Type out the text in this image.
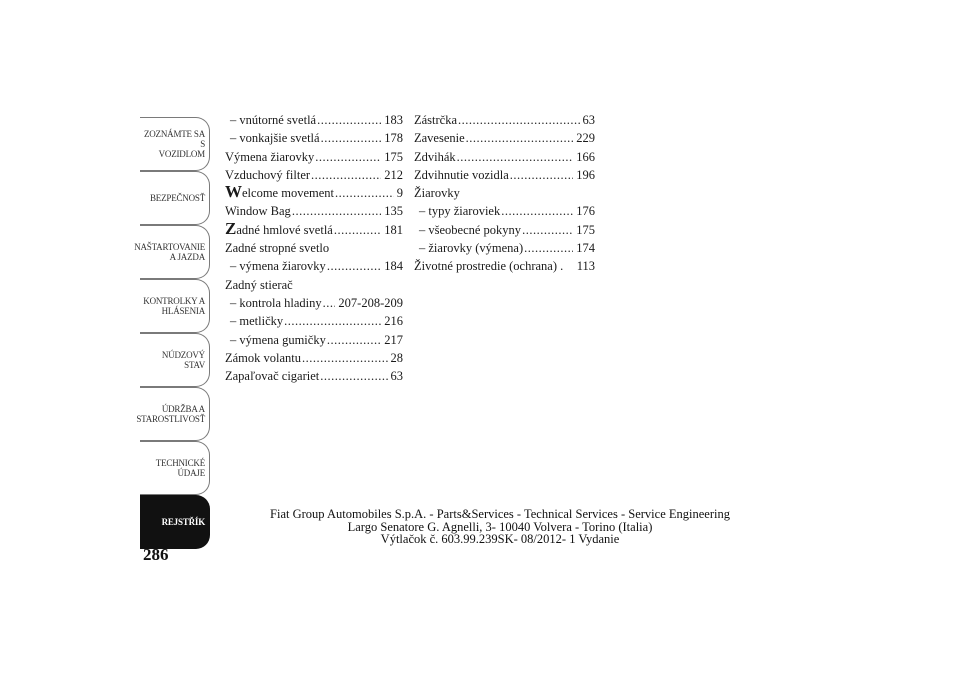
ZOZNÁMTE SA S
VOZIDLOM
BEZPEČNOSŤ
NAŠTARTOVANIE
A JAZDA
KONTROLKY A
HLÁSENIA
NÚDZOVÝ STAV
ÚDRŽBA A
STAROSTLIVOSŤ
TECHNICKÉ
ÚDAJE
REJSTŘÍK
286
– vnútorné svetlá .....	183
– vonkajšie svetlá .....	178
Výmena žiarovky .....	175
Vzduchový filter .....	212
Welcome movement .....	9
Window Bag .....	135
Zadné hmlové svetlá .....	181
Zadné stropné svetlo
– výmena žiarovky .....	184
Zadný stierač
– kontrola hladiny ..... 207-208-209
– metličky .....	216
– výmena gumičky .....	217
Zámok volantu .....	28
Zapaľovač cigariet .....	63
Zástrčka .....	63
Zavesenie .....	229
Zdvihák .....	166
Zdvihnutie vozidla .....	196
Žiarovky
– typy žiaroviek .....	176
– všeobecné pokyny .....	175
– žiarovky (výmena) .....	174
Životné prostredie (ochrana) . 113
Fiat Group Automobiles S.p.A. - Parts&Services - Technical Services - Service Engineering
Largo Senatore G. Agnelli, 3- 10040 Volvera - Torino (Italia)
Výtlačok č. 603.99.239SK- 08/2012- 1 Vydanie
